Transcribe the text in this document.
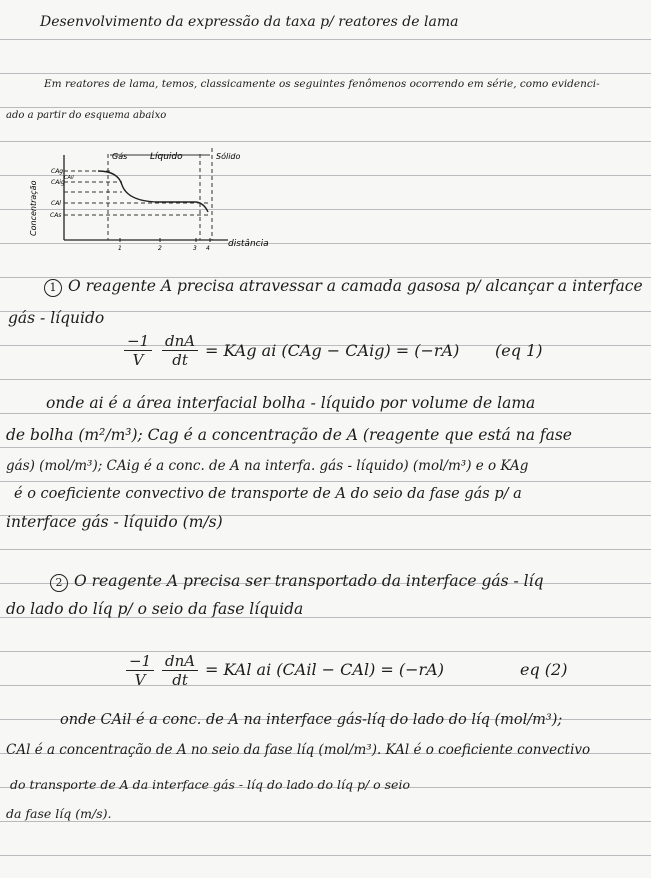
Desenvolvimento da expressão da taxa p/ reatores de lama
Em reatores de lama, temos, classicamente os seguintes fenômenos ocorrendo em série, como evidenci-
ado a partir do esquema abaixo
Gás	Líquido	Sólido
CAg
CAig
CAil
CAl
CAs
1	2	3 4 distância
Concentração
1 O reagente A precisa atravessar a camada gasosa p/ alcançar a interface
gás - líquido
$\frac{-1}{V}$ dnA
dt	= KAg ai (CAg − CAig) = (−rA) (eq 1)
onde ai é a área interfacial bolha - líquido por volume de lama
de bolha (m²/m³); Cag é a concentração de A (reagente que está na fase
gás) (mol/m³); CAig é a conc. de A na interfa. gás - líquido) (mol/m³) e o KAg
é o coeficiente convectivo de transporte de A do seio da fase gás p/ a
interface gás - líquido (m/s)
2 O reagente A precisa ser transportado da interface gás - líq
do lado do líq p/ o seio da fase líquida
$\frac{-1}{V}$ dnA
dt
= KAl ai (CAil − CAl) = (−rA)	eq (2)
onde CAil é a conc. de A na interface gás-líq do lado do líq (mol/m³);
CAl é a concentração de A no seio da fase líq (mol/m³). KAl é o coeficiente convectivo
do transporte de A da interface gás - líq do lado do líq p/ o seio
da fase líq (m/s).
